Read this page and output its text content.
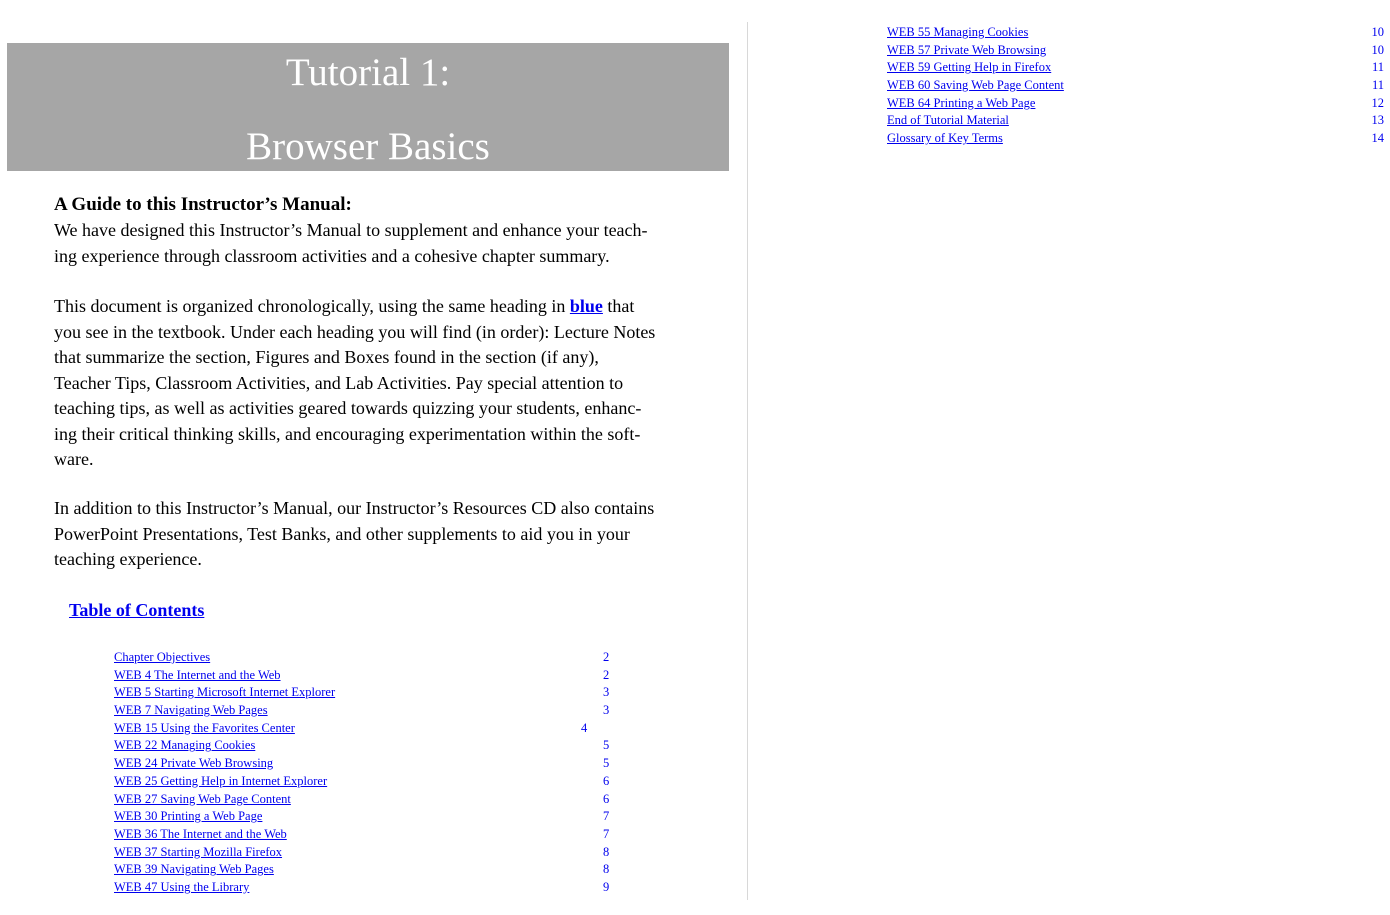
Tutorial 1:
Browser Basics
A Guide to this Instructor’s Manual:

We have designed this Instructor’s Manual to supplement and enhance your teach-
ing experience through classroom activities and a cohesive chapter summary.

This document is organized chronologically, using the same heading in blue that
you see in the textbook. Under each heading you will find (in order): Lecture Notes
that summarize the section, Figures and Boxes found in the section (if any),
Teacher Tips, Classroom Activities, and Lab Activities. Pay special attention to
teaching tips, as well as activities geared towards quizzing your students, enhanc-
ing their critical thinking skills, and encouraging experimentation within the soft-
ware.

In addition to this Instructor’s Manual, our Instructor’s Resources CD also contains
PowerPoint Presentations, Test Banks, and other supplements to aid you in your
teaching experience.

Table of Contents
Chapter Objectives	2
WEB 4 The Internet and the Web	2
WEB 5 Starting Microsoft Internet Explorer	3
WEB 7 Navigating Web Pages	3
WEB 15 Using the Favorites Center	4
WEB 22 Managing Cookies	5
WEB 24 Private Web Browsing	5
WEB 25 Getting Help in Internet Explorer	6
WEB 27 Saving Web Page Content	6
WEB 30 Printing a Web Page	7
WEB 36 The Internet and the Web	7
WEB 37 Starting Mozilla Firefox	8
WEB 39 Navigating Web Pages	8
WEB 47 Using the Library	9
WEB 55 Managing Cookies	10
WEB 57 Private Web Browsing	10
WEB 59 Getting Help in Firefox	11
WEB 60 Saving Web Page Content	11
WEB 64 Printing a Web Page	12
End of Tutorial Material	13
Glossary of Key Terms	14
